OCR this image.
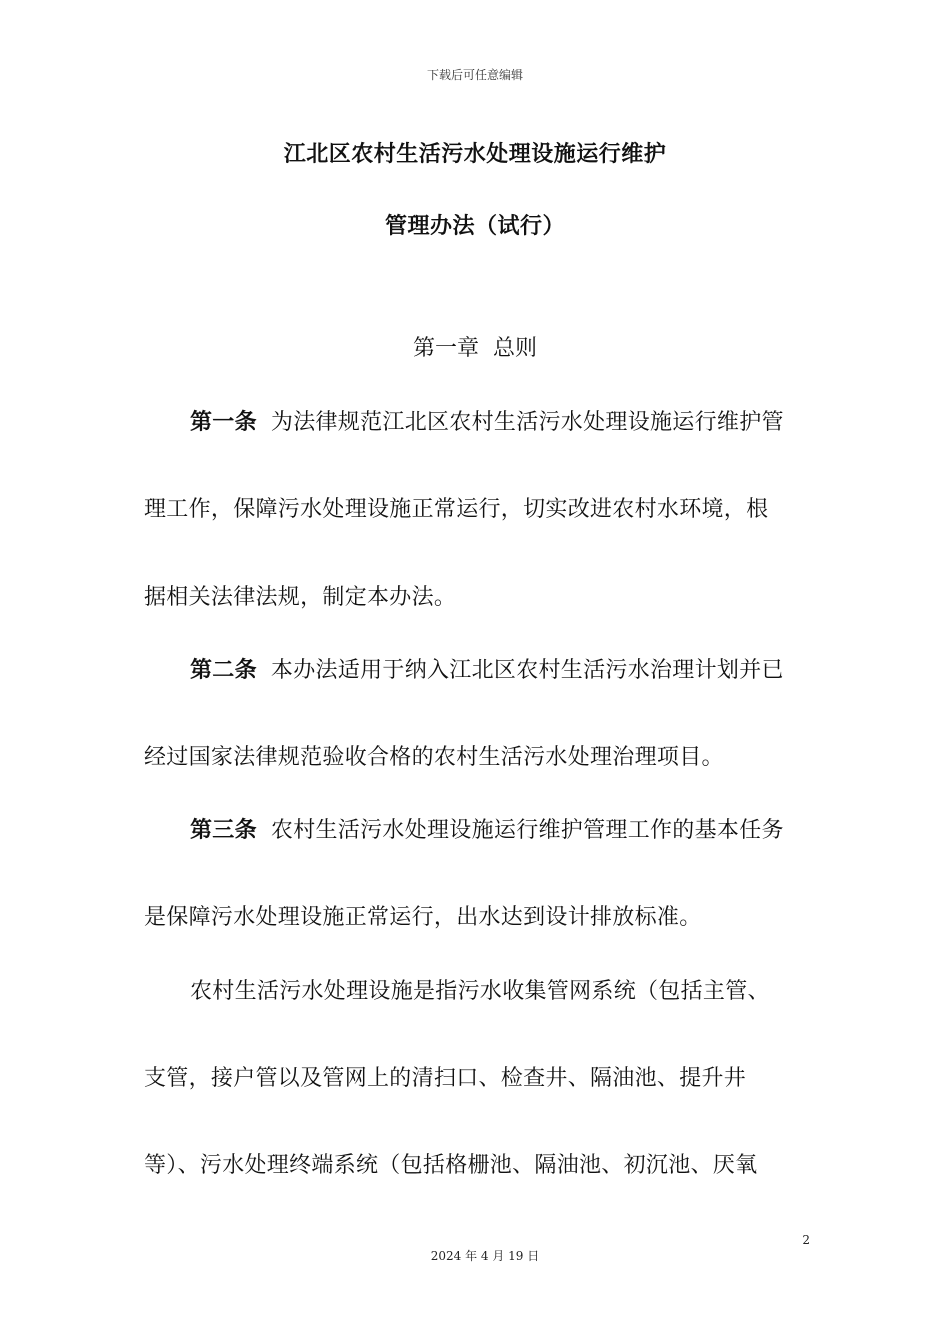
下载后可任意编辑
江北区农村生活污水处理设施运行维护
管理办法（试行）
第一章 总则
第一条 为法律规范江北区农村生活污水处理设施运行维护管
理工作，保障污水处理设施正常运行，切实改进农村水环境，根
据相关法律法规，制定本办法。
第二条 本办法适用于纳入江北区农村生活污水治理计划并已
经过国家法律规范验收合格的农村生活污水处理治理项目。
第三条 农村生活污水处理设施运行维护管理工作的基本任务
是保障污水处理设施正常运行，出水达到设计排放标准。
农村生活污水处理设施是指污水收集管网系统（包括主管、
支管，接户管以及管网上的清扫口、检查井、隔油池、提升井
等）、污水处理终端系统（包括格栅池、隔油池、初沉池、厌氧
2
2024 年 4 月 19 日
